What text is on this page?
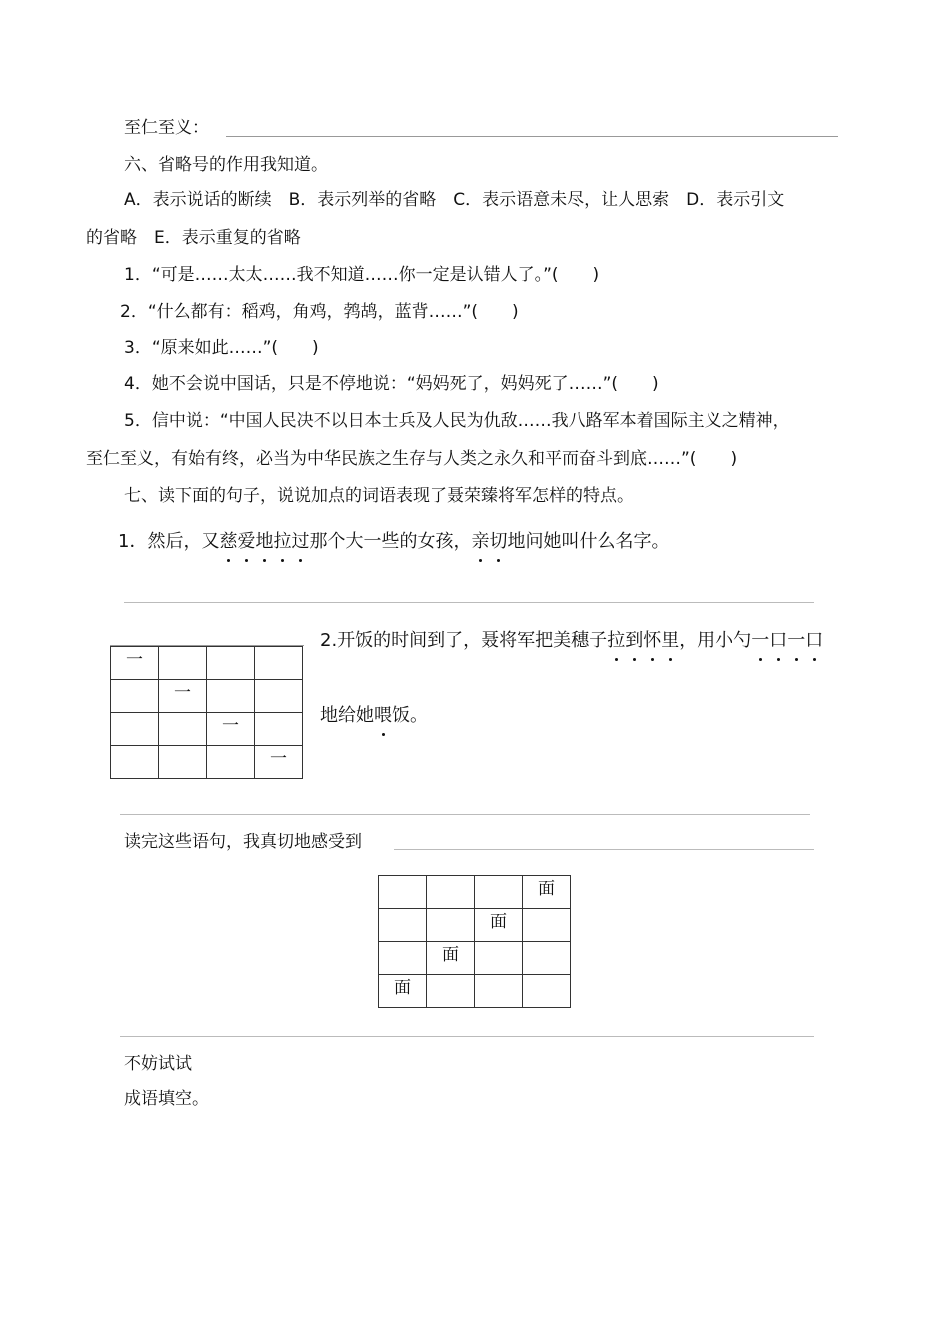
至仁至义：
六、省略号的作用我知道。
A．表示说话的断续　B．表示列举的省略　C．表示语意未尽，让人思索　D．表示引文
的省略　E．表示重复的省略
1．“可是……太太……我不知道……你一定是认错人了。”(　　)
2．“什么都有：稻鸡，角鸡，鹁鸪，蓝背……”(　　)
3．“原来如此……”(　　)
4．她不会说中国话，只是不停地说：“妈妈死了，妈妈死了……”(　　)
5．信中说：“中国人民决不以日本士兵及人民为仇敌……我八路军本着国际主义之精神，
至仁至义，有始有终，必当为中华民族之生存与人类之永久和平而奋斗到底……”(　　)
七、读下面的句子，说说加点的词语表现了聂荣臻将军怎样的特点。
1．然后，又慈爱地拉过那个大一些的女孩，亲切地问她叫什么名字。
一			
	一		
		一	
			一
2.开饭的时间到了，聂将军把美穗子拉到怀里，用小勺一口一口
地给她喂饭。
读完这些语句，我真切地感受到
			面
		面	
	面		
面			
不妨试试
成语填空。
